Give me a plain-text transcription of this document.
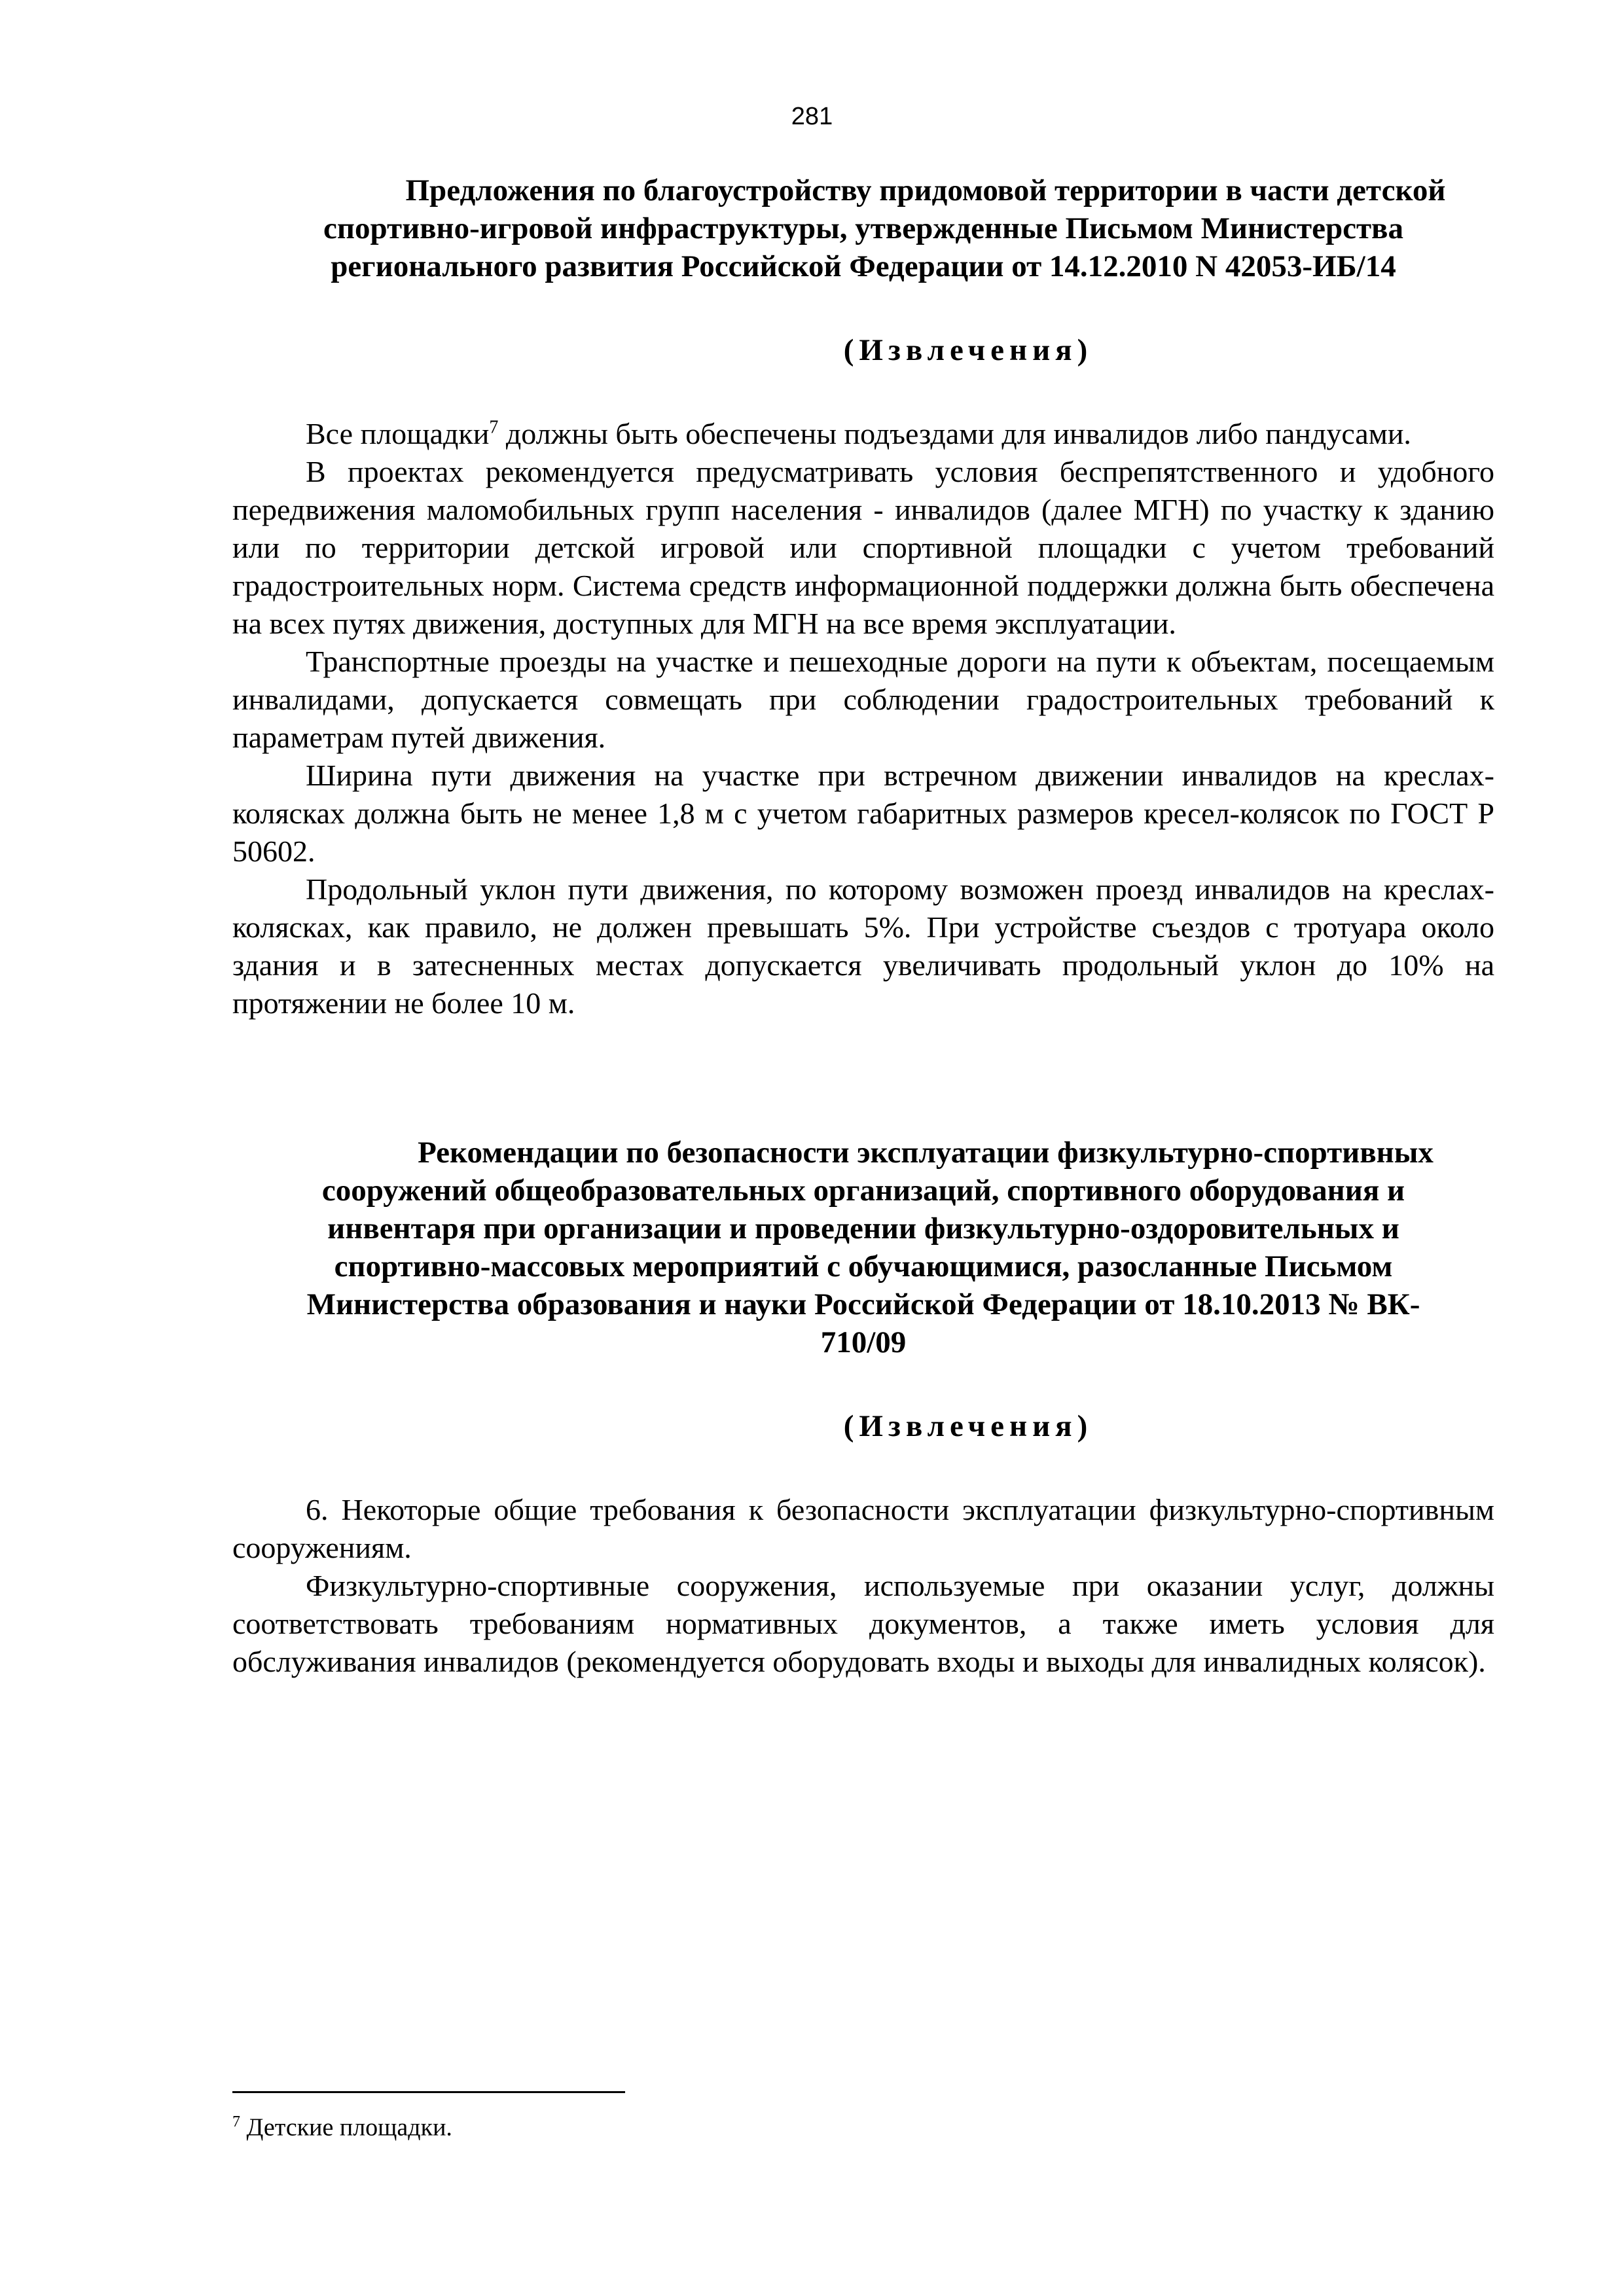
281
Предложения по благоустройству придомовой территории в части детской
спортивно-игровой инфраструктуры, утвержденные Письмом Министерства
регионального развития Российской Федерации от 14.12.2010 N 42053-ИБ/14
(Извлечения)

Все площадки$^7$ должны быть обеспечены подъездами для инвалидов либо пандусами.

В проектах рекомендуется предусматривать условия беспрепятственного и удобного передвижения маломобильных групп населения - инвалидов (далее МГН) по участку к зданию или по территории детской игровой или спортивной площадки с учетом требований градостроительных норм. Система средств информационной поддержки должна быть обеспечена на всех путях движения, доступных для МГН на все время эксплуатации.

Транспортные проезды на участке и пешеходные дороги на пути к объектам, посещаемым инвалидами, допускается совмещать при соблюдении градостроительных требований к параметрам путей движения.

Ширина пути движения на участке при встречном движении инвалидов на креслах-колясках должна быть не менее 1,8 м с учетом габаритных размеров кресел-колясок по ГОСТ Р 50602.

Продольный уклон пути движения, по которому возможен проезд инвалидов на креслах-колясках, как правило, не должен превышать 5%. При устройстве съездов с тротуара около здания и в затесненных местах допускается увеличивать продольный уклон до 10% на протяжении не более 10 м.

Рекомендации по безопасности эксплуатации физкультурно-спортивных
сооружений общеобразовательных организаций, спортивного оборудования и
инвентаря при организации и проведении физкультурно-оздоровительных и
спортивно-массовых мероприятий с обучающимися, разосланные Письмом
Министерства образования и науки Российской Федерации от 18.10.2013 № ВК-
710/09
(Извлечения)

6. Некоторые общие требования к безопасности эксплуатации физкультурно-спортивным сооружениям.

Физкультурно-спортивные сооружения, используемые при оказании услуг, должны соответствовать требованиям нормативных документов, а также иметь условия для обслуживания инвалидов (рекомендуется оборудовать входы и выходы для инвалидных колясок).

$^7$ Детские площадки.
